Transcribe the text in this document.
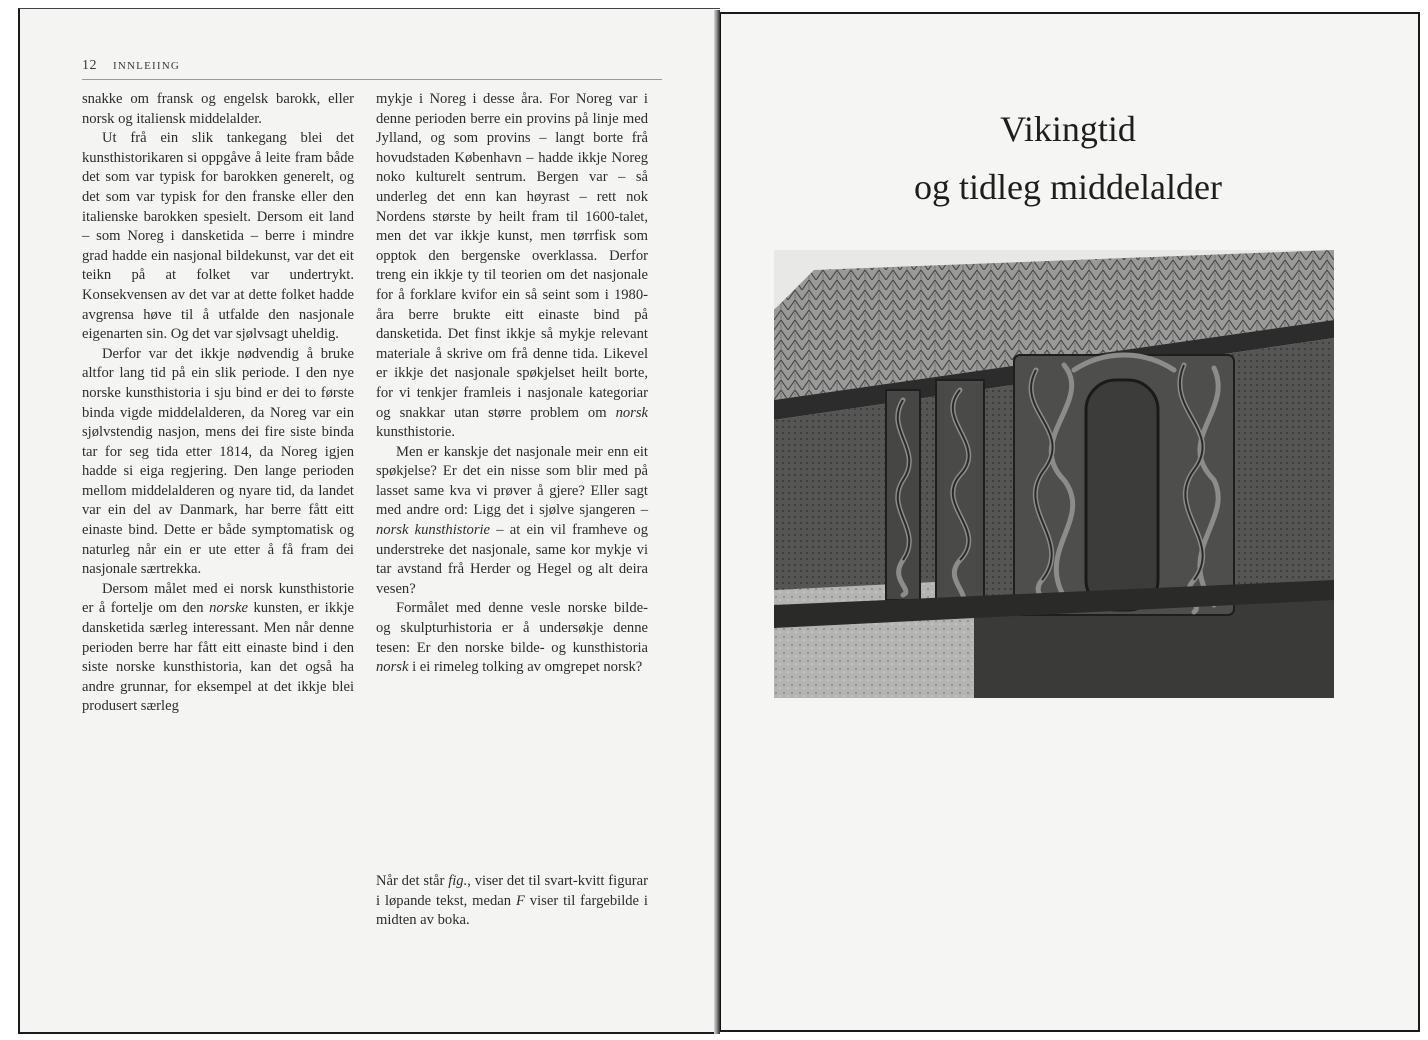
12 INNLEIING

snakke om fransk og engelsk barokk, eller norsk og italiensk middelalder.

Ut frå ein slik tankegang blei det kunsthistorikaren si oppgåve å leite fram både det som var typisk for barokken generelt, og det som var typisk for den franske eller den italienske barokken spesielt. Dersom eit land – som Noreg i dansketida – berre i mindre grad hadde ein nasjonal bildekunst, var det eit teikn på at folket var undertrykt. Konsekvensen av det var at dette folket hadde avgrensa høve til å utfalde den nasjonale eigenarten sin. Og det var sjølvsagt uheldig.

Derfor var det ikkje nødvendig å bruke altfor lang tid på ein slik periode. I den nye norske kunsthistoria i sju bind er dei to første binda vigde middelalderen, da Noreg var ein sjølvstendig nasjon, mens dei fire siste binda tar for seg tida etter 1814, da Noreg igjen hadde si eiga regjering. Den lange perioden mellom middelalderen og nyare tid, da landet var ein del av Danmark, har berre fått eitt einaste bind. Dette er både symptomatisk og naturleg når ein er ute etter å få fram dei nasjonale særtrekka.

Dersom målet med ei norsk kunsthistorie er å fortelje om den norske kunsten, er ikkje dansketida særleg interessant. Men når denne perioden berre har fått eitt einaste bind i den siste norske kunsthistoria, kan det også ha andre grunnar, for eksempel at det ikkje blei produsert særleg

mykje i Noreg i desse åra. For Noreg var i denne perioden berre ein provins på linje med Jylland, og som provins – langt borte frå hovudstaden København – hadde ikkje Noreg noko kulturelt sentrum. Bergen var – så underleg det enn kan høyrast – rett nok Nordens største by heilt fram til 1600-talet, men det var ikkje kunst, men tørrfisk som opptok den bergenske overklassa. Derfor treng ein ikkje ty til teorien om det nasjonale for å forklare kvifor ein så seint som i 1980-åra berre brukte eitt einaste bind på dansketida. Det finst ikkje så mykje relevant materiale å skrive om frå denne tida. Likevel er ikkje det nasjonale spøkjelset heilt borte, for vi tenkjer framleis i nasjonale kategoriar og snakkar utan større problem om norsk kunsthistorie.

Men er kanskje det nasjonale meir enn eit spøkjelse? Er det ein nisse som blir med på lasset same kva vi prøver å gjere? Eller sagt med andre ord: Ligg det i sjølve sjangeren – norsk kunsthistorie – at ein vil framheve og understreke det nasjonale, same kor mykje vi tar avstand frå Herder og Hegel og alt deira vesen?

Formålet med denne vesle norske bilde- og skulpturhistoria er å undersøkje denne tesen: Er den norske bilde- og kunsthistoria norsk i ei rimeleg tolking av omgrepet norsk?

Når det står fig., viser det til svart-kvitt figurar i løpande tekst, medan F viser til fargebilde i midten av boka.
Vikingtid
og tidleg middelalder
